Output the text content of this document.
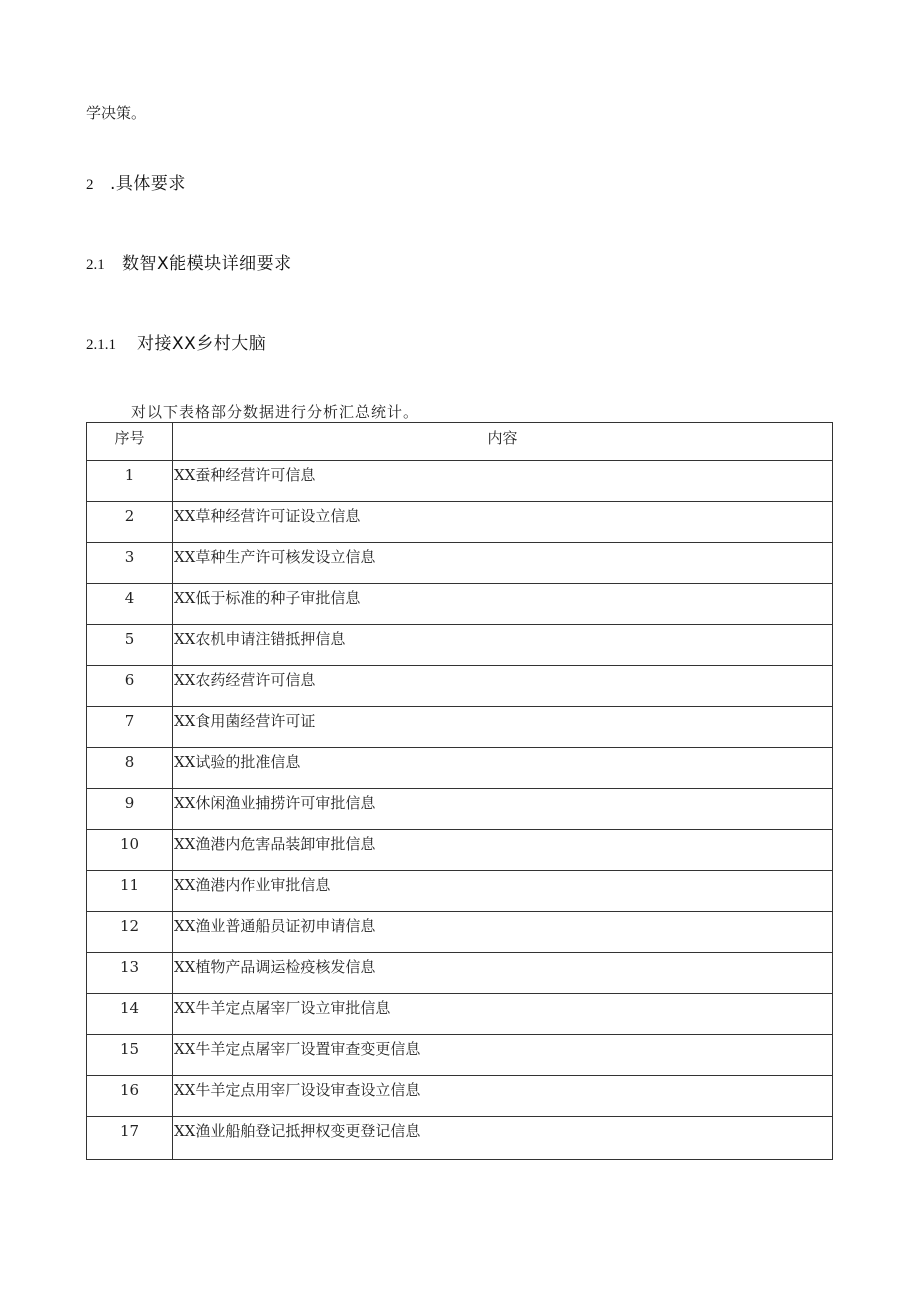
学决策。
2 .具体要求
2.1 数智X能模块详细要求
2.1.1 对接XX乡村大脑
对以下表格部分数据进行分析汇总统计。
序号	内容
1	XX蚕种经营许可信息
2	XX草种经营许可证设立信息
3	XX草种生产许可核发设立信息
4	XX低于标准的种子审批信息
5	XX农机申请注错抵押信息
6	XX农药经营许可信息
7	XX食用菌经营许可证
8	XX试验的批准信息
9	XX休闲渔业捕捞许可审批信息
10	XX渔港内危害品装卸审批信息
11	XX渔港内作业审批信息
12	XX渔业普通船员证初申请信息
13	XX植物产品调运检疫核发信息
14	XX牛羊定点屠宰厂设立审批信息
15	XX牛羊定点屠宰厂设置审查变更信息
16	XX牛羊定点用宰厂设设审查设立信息
17	XX渔业船舶登记抵押权变更登记信息
